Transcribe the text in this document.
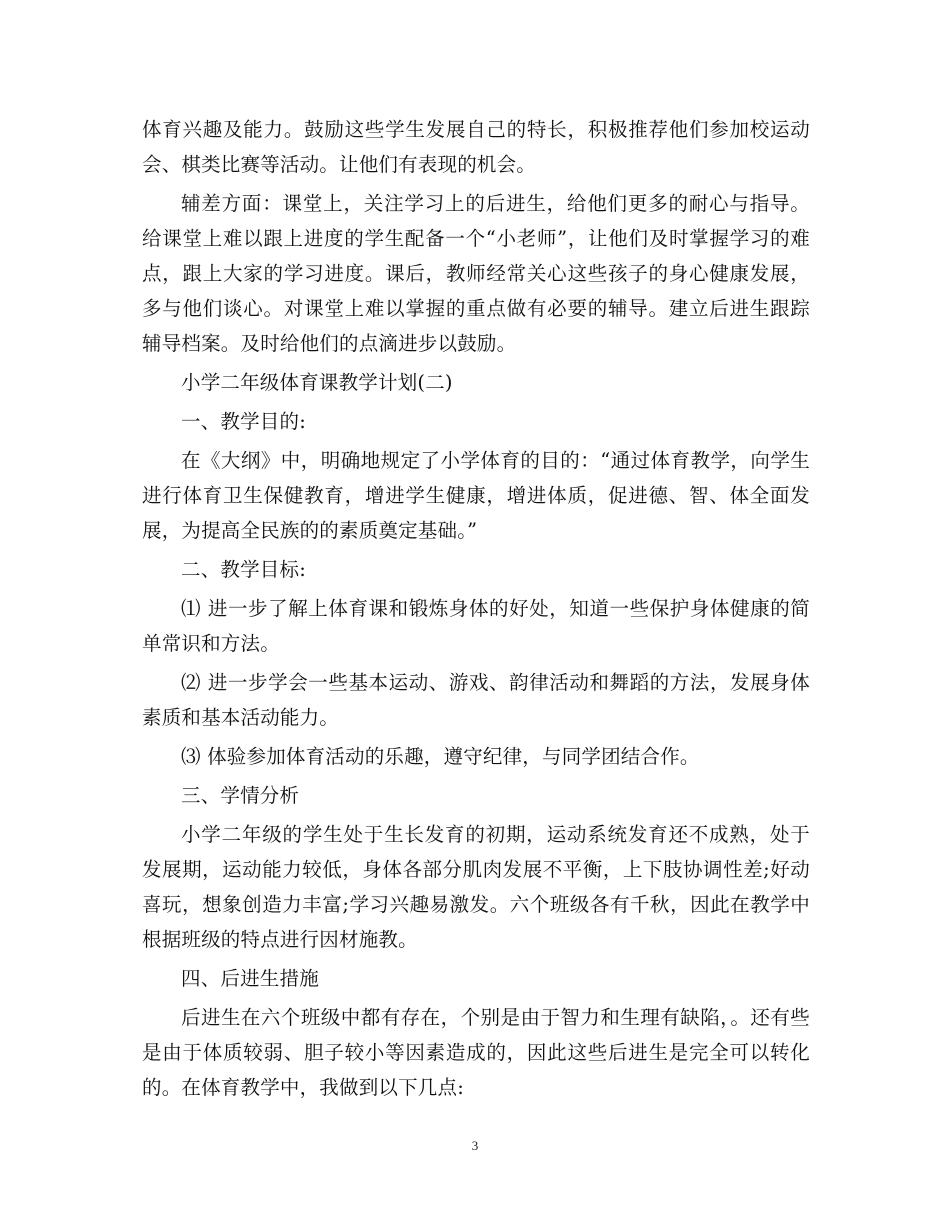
体育兴趣及能力。鼓励这些学生发展自己的特长，积极推荐他们参加校运动会、棋类比赛等活动。让他们有表现的机会。

辅差方面：课堂上，关注学习上的后进生，给他们更多的耐心与指导。给课堂上难以跟上进度的学生配备一个“小老师”，让他们及时掌握学习的难点，跟上大家的学习进度。课后，教师经常关心这些孩子的身心健康发展，多与他们谈心。对课堂上难以掌握的重点做有必要的辅导。建立后进生跟踪辅导档案。及时给他们的点滴进步以鼓励。

小学二年级体育课教学计划(二)

一、教学目的:

在《大纲》中，明确地规定了小学体育的目的：“通过体育教学，向学生进行体育卫生保健教育，增进学生健康，增进体质，促进德、智、体全面发展，为提高全民族的的素质奠定基础。”

二、教学目标:

⑴ 进一步了解上体育课和锻炼身体的好处，知道一些保护身体健康的简单常识和方法。

⑵ 进一步学会一些基本运动、游戏、韵律活动和舞蹈的方法，发展身体素质和基本活动能力。

⑶ 体验参加体育活动的乐趣，遵守纪律，与同学团结合作。

三、学情分析

小学二年级的学生处于生长发育的初期，运动系统发育还不成熟，处于发展期，运动能力较低，身体各部分肌肉发展不平衡，上下肢协调性差;好动喜玩，想象创造力丰富;学习兴趣易激发。六个班级各有千秋，因此在教学中根据班级的特点进行因材施教。

四、后进生措施

后进生在六个班级中都有存在，个别是由于智力和生理有缺陷，。还有些是由于体质较弱、胆子较小等因素造成的，因此这些后进生是完全可以转化的。在体育教学中，我做到以下几点:

3
